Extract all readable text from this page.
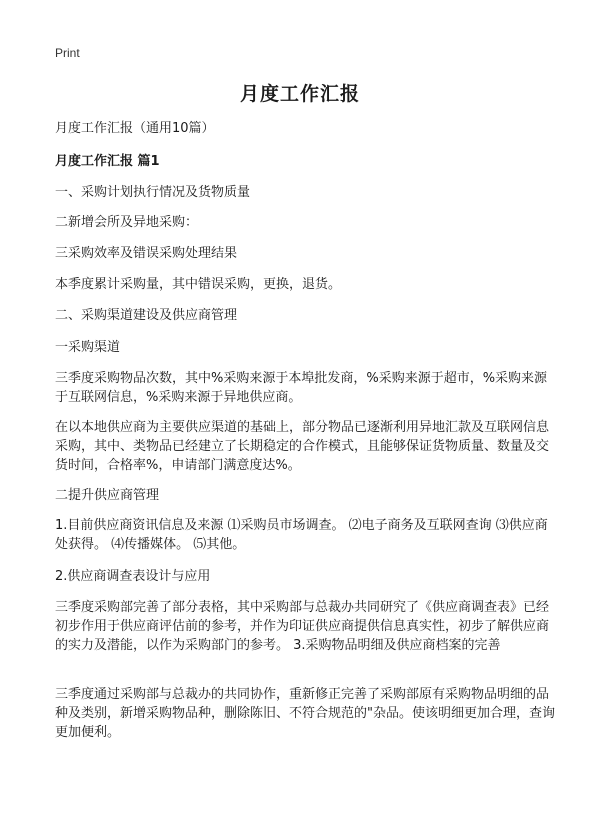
Print
月度工作汇报

月度工作汇报（通用10篇）

月度工作汇报 篇1

一、采购计划执行情况及货物质量

二新增会所及异地采购：

三采购效率及错误采购处理结果

本季度累计采购量，其中错误采购，更换，退货。

二、采购渠道建设及供应商管理

一采购渠道

三季度采购物品次数，其中%采购来源于本埠批发商，%采购来源于超市，%采购来源于互联网信息，%采购来源于异地供应商。

在以本地供应商为主要供应渠道的基础上，部分物品已逐渐利用异地汇款及互联网信息采购，其中、类物品已经建立了长期稳定的合作模式，且能够保证货物质量、数量及交货时间，合格率%，申请部门满意度达%。

二提升供应商管理

1.目前供应商资讯信息及来源 ⑴采购员市场调查。 ⑵电子商务及互联网查询 ⑶供应商处获得。 ⑷传播媒体。 ⑸其他。

2.供应商调查表设计与应用

三季度采购部完善了部分表格，其中采购部与总裁办共同研究了《供应商调查表》已经初步作用于供应商评估前的参考，并作为印证供应商提供信息真实性，初步了解供应商的实力及潜能，以作为采购部门的参考。 3.采购物品明细及供应商档案的完善

三季度通过采购部与总裁办的共同协作，重新修正完善了采购部原有采购物品明细的品种及类别，新增采购物品种，删除陈旧、不符合规范的"杂品。使该明细更加合理，查询更加便利。
